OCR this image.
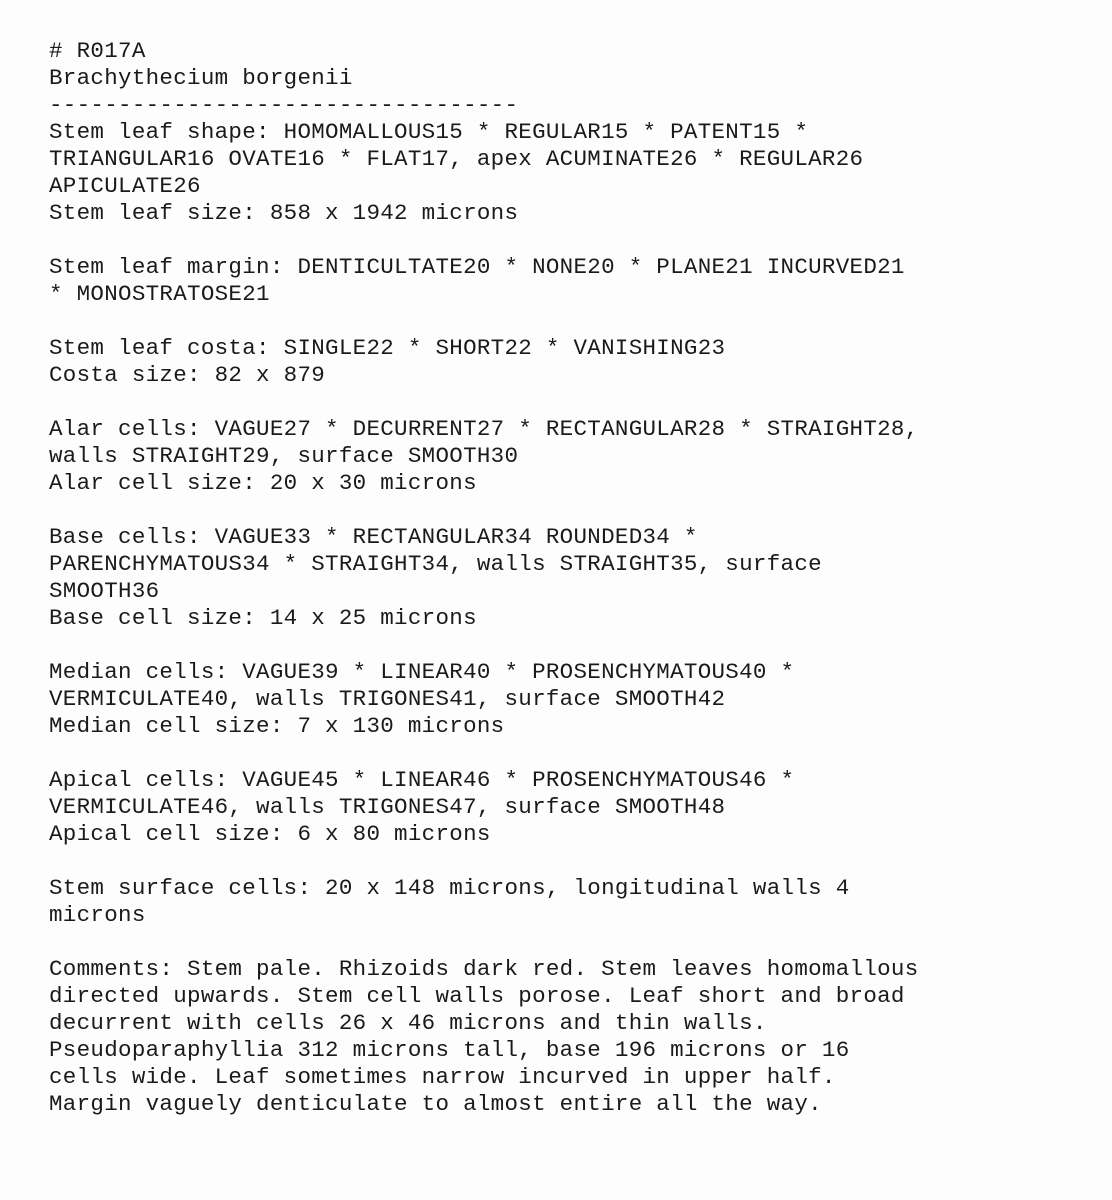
# R017A
Brachythecium borgenii
----------------------------------
Stem leaf shape: HOMOMALLOUS15 * REGULAR15 * PATENT15 *
TRIANGULAR16 OVATE16 * FLAT17, apex ACUMINATE26 * REGULAR26
APICULATE26
Stem leaf size: 858 x 1942 microns
Stem leaf margin: DENTICULTATE20 * NONE20 * PLANE21 INCURVED21
* MONOSTRATOSE21
Stem leaf costa: SINGLE22 * SHORT22 * VANISHING23
Costa size: 82 x 879
Alar cells: VAGUE27 * DECURRENT27 * RECTANGULAR28 * STRAIGHT28,
walls STRAIGHT29, surface SMOOTH30
Alar cell size: 20 x 30 microns
Base cells: VAGUE33 * RECTANGULAR34 ROUNDED34 *
PARENCHYMATOUS34 * STRAIGHT34, walls STRAIGHT35, surface
SMOOTH36
Base cell size: 14 x 25 microns
Median cells: VAGUE39 * LINEAR40 * PROSENCHYMATOUS40 *
VERMICULATE40, walls TRIGONES41, surface SMOOTH42
Median cell size: 7 x 130 microns
Apical cells: VAGUE45 * LINEAR46 * PROSENCHYMATOUS46 *
VERMICULATE46, walls TRIGONES47, surface SMOOTH48
Apical cell size: 6 x 80 microns
Stem surface cells: 20 x 148 microns, longitudinal walls 4
microns
Comments: Stem pale. Rhizoids dark red. Stem leaves homomallous
directed upwards. Stem cell walls porose. Leaf short and broad
decurrent with cells 26 x 46 microns and thin walls.
Pseudoparaphyllia 312 microns tall, base 196 microns or 16
cells wide. Leaf sometimes narrow incurved in upper half.
Margin vaguely denticulate to almost entire all the way.
